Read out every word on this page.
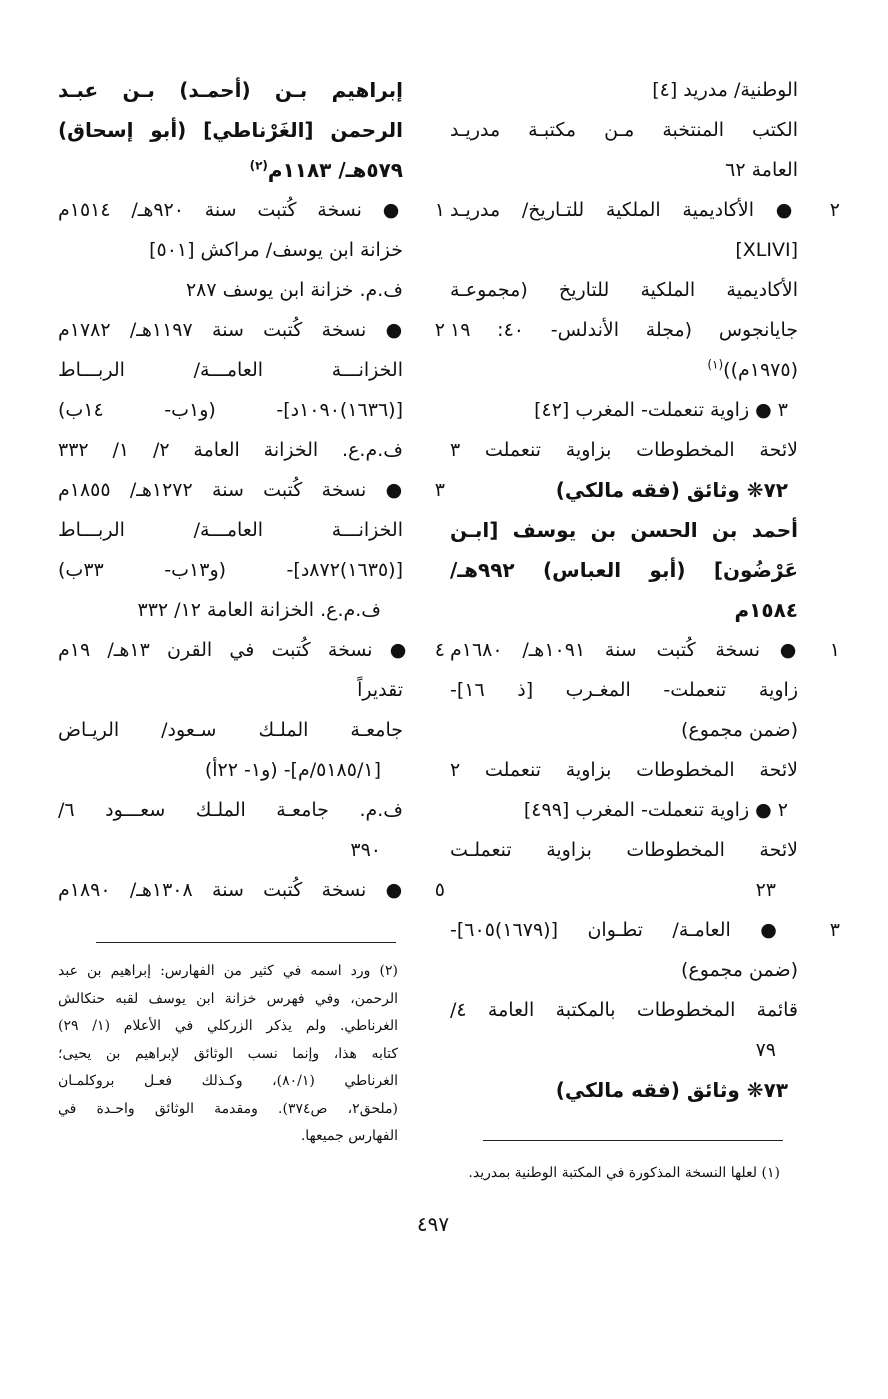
الوطنية/ مدريد [٤]
الكتب المنتخبة مـن مكتبـة مدريـد
العامة ٦٢
٢ ● الأكاديمية الملكية للتـاريخ/ مدريـد
[XLIVI]
الأكاديمية الملكية للتاريخ (مجموعـة
جايانجوس (مجلة الأندلس- ٤٠: ١٩
(١٩٧٥م))$^{(١)}$
٣ ● زاوية تنعملت- المغرب [٤٢]
لائحة المخطوطات بزاوية تنعملت ٣
٧٢❋ وثائق (فقه مالكي)
أحمد بن الحسن بن يوسف [ابـن
عَرْضُون] (أبو العباس) ٩٩٢هـ/
١٥٨٤م
١ ● نسخة كُتبت سنة ١٠٩١هـ/ ١٦٨٠م
زاوية تنعملت- المغـرب [ذ ١٦]-
(ضمن مجموع)
لائحة المخطوطات بزاوية تنعملت ٢
٢ ● زاوية تنعملت- المغرب [٤٩٩]
لائحة المخطوطات بزاوية تنعملـت
٢٣
٣ ● العامـة/ تطـوان [(١٦٧٩)٦٠٥]-
(ضمن مجموع)
قائمة المخطوطات بالمكتبة العامة ٤/
٧٩
٧٣❋ وثائق (فقه مالكي)
إبراهيم بـن (أحمـد) بـن عبـد
الرحمن [الغَرْناطي] (أبو إسحاق)
٥٧٩هـ/ ١١٨٣م$^{(٢)}$
١ ● نسخة كُتبت سنة ٩٢٠هـ/ ١٥١٤م
خزانة ابن يوسف/ مراكش [٥٠١]
ف.م. خزانة ابن يوسف ٢٨٧
٢ ● نسخة كُتبت سنة ١١٩٧هـ/ ١٧٨٢م
الخزانـــة العامـــة/ الربـــاط
[(١٦٣٦)١٠٩٠د]- (و١ب- ١٤ب)
ف.م.ع. الخزانة العامة ٢/ ١/ ٣٣٢
٣ ● نسخة كُتبت سنة ١٢٧٢هـ/ ١٨٥٥م
الخزانـــة العامـــة/ الربـــاط
[(١٦٣٥)٨٧٢د]- (و١٣ب- ٣٣ب)
ف.م.ع. الخزانة العامة ١٢/ ٣٣٢
٤ ● نسخة كُتبت في القرن ١٣هـ/ ١٩م
تقديراً
جامعـة الملـك سـعود/ الريـاض
[٥١٨٥/١/م]- (و١- ٢٢أ)
ف.م. جامعـة الملـك سعـــود ٦/
٣٩٠
٥ ● نسخة كُتبت سنة ١٣٠٨هـ/ ١٨٩٠م
(٢) ورد اسمه في كثير من الفهارس: إبراهيم بن عبد
الرحمن، وفي فهرس خزانة ابن يوسف لقبه حنكالش
الغرناطي. ولم يذكر الزركلي في الأعلام (١/ ٢٩)
كتابه هذا، وإنما نسب الوثائق لإبراهيم بن يحيى؛
الغرناطي (٨٠/١)، وكـذلك فعـل بروكلمـان
(ملحق٢، ص٣٧٤). ومقدمة الوثائق واحـدة في
الفهارس جميعها.
(١) لعلها النسخة المذكورة في المكتبة الوطنية بمدريد.
٤٩٧
